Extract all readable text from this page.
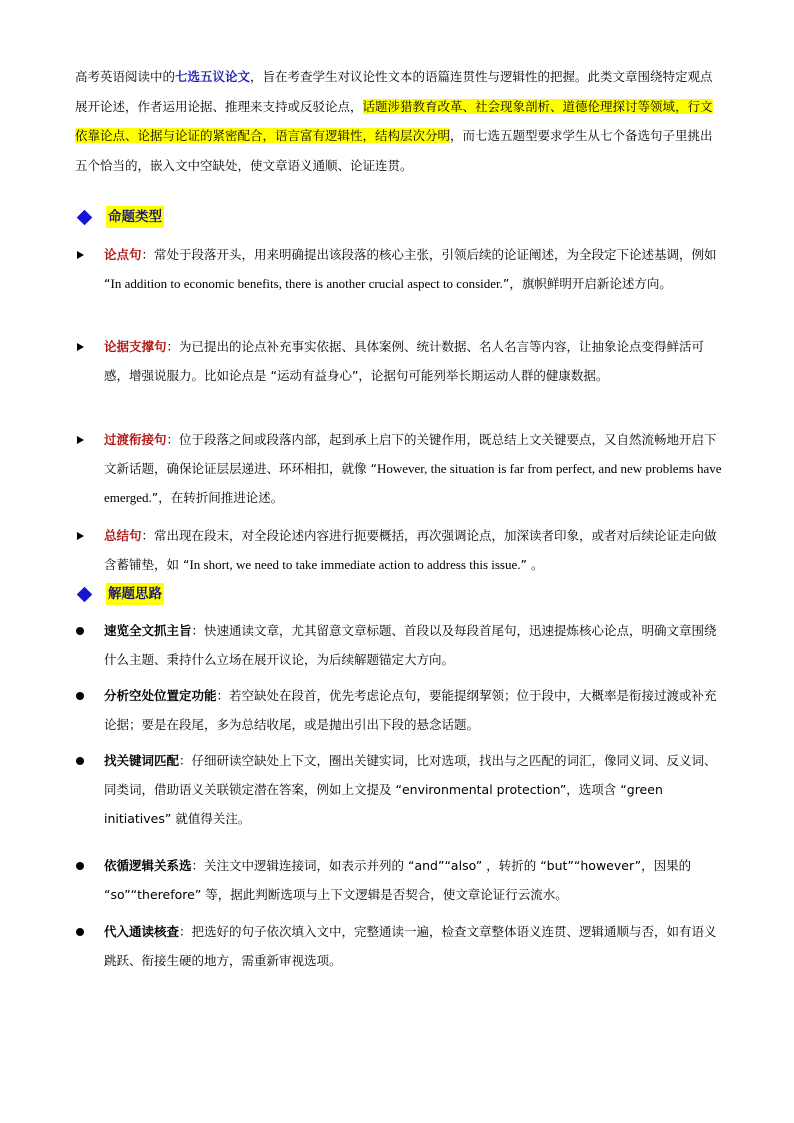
高考英语阅读中的七选五议论文，旨在考查学生对议论性文本的语篇连贯性与逻辑性的把握。此类文章围绕特定观点展开论述，作者运用论据、推理来支持或反驳论点，话题涉猎教育改革、社会现象剖析、道德伦理探讨等领域，行文依靠论点、论据与论证的紧密配合，语言富有逻辑性，结构层次分明，而七选五题型要求学生从七个备选句子里挑出五个恰当的，嵌入文中空缺处，使文章语义通顺、论证连贯。
命题类型
论点句：常处于段落开头，用来明确提出该段落的核心主张，引领后续的论证阐述，为全段定下论述基调，例如 “In addition to economic benefits, there is another crucial aspect to consider.”，旗帜鲜明开启新论述方向。
论据支撑句：为已提出的论点补充事实依据、具体案例、统计数据、名人名言等内容，让抽象论点变得鲜活可感，增强说服力。比如论点是 “运动有益身心”，论据句可能列举长期运动人群的健康数据。
过渡衔接句：位于段落之间或段落内部，起到承上启下的关键作用，既总结上文关键要点，又自然流畅地开启下文新话题，确保论证层层递进、环环相扣，就像 “However, the situation is far from perfect, and new problems have emerged.”，在转折间推进论述。
总结句：常出现在段末，对全段论述内容进行扼要概括，再次强调论点，加深读者印象，或者对后续论证走向做含蓄铺垫，如 “In short, we need to take immediate action to address this issue.” 。
解题思路
速览全文抓主旨：快速通读文章，尤其留意文章标题、首段以及每段首尾句，迅速提炼核心论点，明确文章围绕什么主题、秉持什么立场在展开议论，为后续解题锚定大方向。
分析空处位置定功能：若空缺处在段首，优先考虑论点句，要能提纲挈领；位于段中，大概率是衔接过渡或补充论据；要是在段尾，多为总结收尾，或是抛出引出下段的悬念话题。
找关键词匹配：仔细研读空缺处上下文，圈出关键实词，比对选项，找出与之匹配的词汇，像同义词、反义词、同类词，借助语义关联锁定潜在答案，例如上文提及 “environmental protection”，选项含 “green initiatives” 就值得关注。
依循逻辑关系选：关注文中逻辑连接词，如表示并列的 “and”“also” ，转折的 “but”“however”，因果的 “so”“therefore” 等，据此判断选项与上下文逻辑是否契合，使文章论证行云流水。
代入通读核查：把选好的句子依次填入文中，完整通读一遍，检查文章整体语义连贯、逻辑通顺与否，如有语义跳跃、衔接生硬的地方，需重新审视选项。
